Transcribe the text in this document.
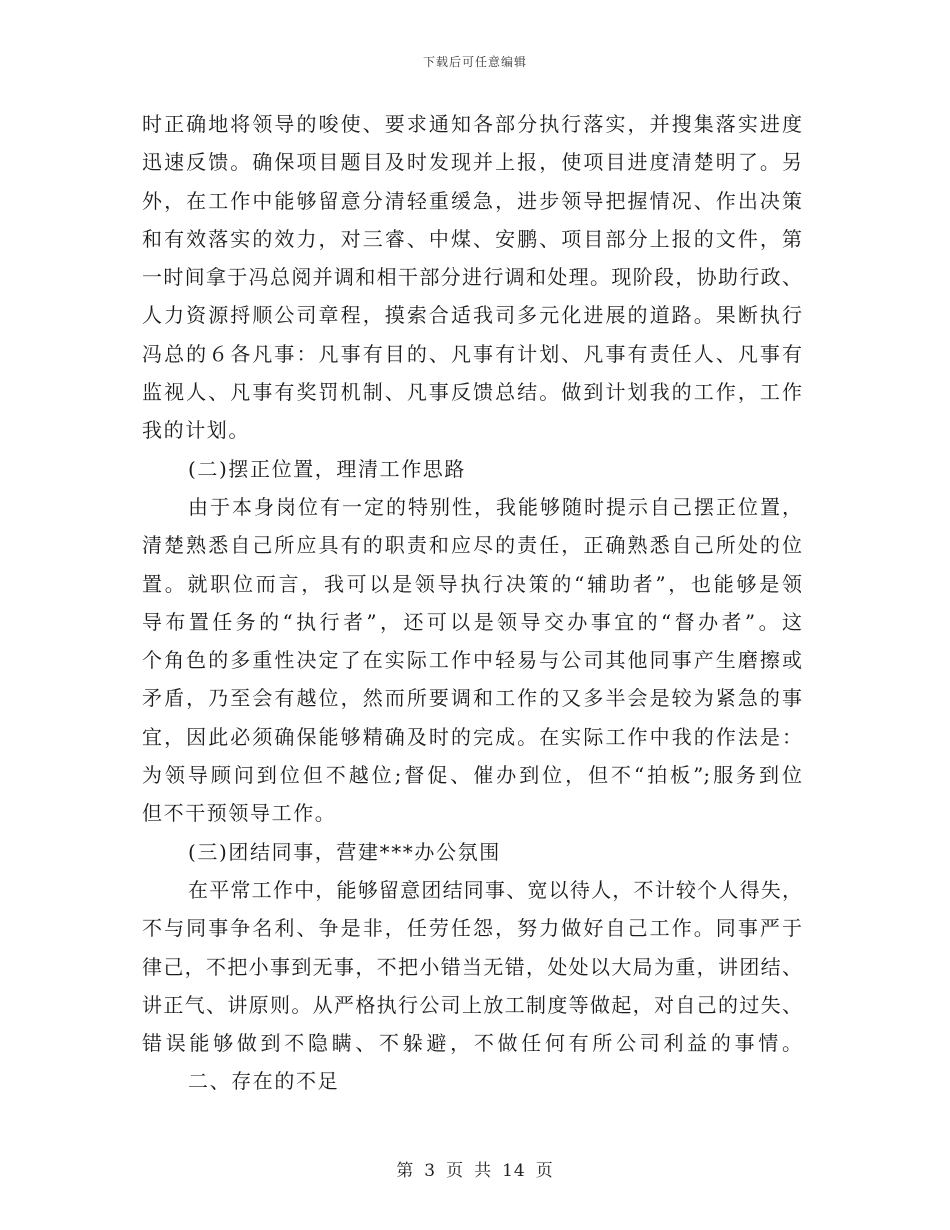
下载后可任意编辑
时正确地将领导的唆使、要求通知各部分执行落实，并搜集落实进度
迅速反馈。确保项目题目及时发现并上报，使项目进度清楚明了。另
外，在工作中能够留意分清轻重缓急，进步领导把握情况、作出决策
和有效落实的效力，对三睿、中煤、安鹏、项目部分上报的文件，第
一时间拿于冯总阅并调和相干部分进行调和处理。现阶段，协助行政、
人力资源捋顺公司章程，摸索合适我司多元化进展的道路。果断执行
冯总的６各凡事：凡事有目的、凡事有计划、凡事有责任人、凡事有
监视人、凡事有奖罚机制、凡事反馈总结。做到计划我的工作，工作
我的计划。
(二)摆正位置，理清工作思路
由于本身岗位有一定的特别性，我能够随时提示自己摆正位置，
清楚熟悉自己所应具有的职责和应尽的责任，正确熟悉自己所处的位
置。就职位而言，我可以是领导执行决策的“辅助者”，也能够是领
导布置任务的“执行者”，还可以是领导交办事宜的“督办者”。这
个角色的多重性决定了在实际工作中轻易与公司其他同事产生磨擦或
矛盾，乃至会有越位，然而所要调和工作的又多半会是较为紧急的事
宜，因此必须确保能够精确及时的完成。在实际工作中我的作法是：
为领导顾问到位但不越位;督促、催办到位，但不“拍板”;服务到位
但不干预领导工作。
(三)团结同事，营建***办公氛围
在平常工作中，能够留意团结同事、宽以待人，不计较个人得失，
不与同事争名利、争是非，任劳任怨，努力做好自己工作。同事严于
律己，不把小事到无事，不把小错当无错，处处以大局为重，讲团结、
讲正气、讲原则。从严格执行公司上放工制度等做起，对自己的过失、
错误能够做到不隐瞒、不躲避，不做任何有所公司利益的事情。
二、存在的不足
第 3 页 共 14 页
